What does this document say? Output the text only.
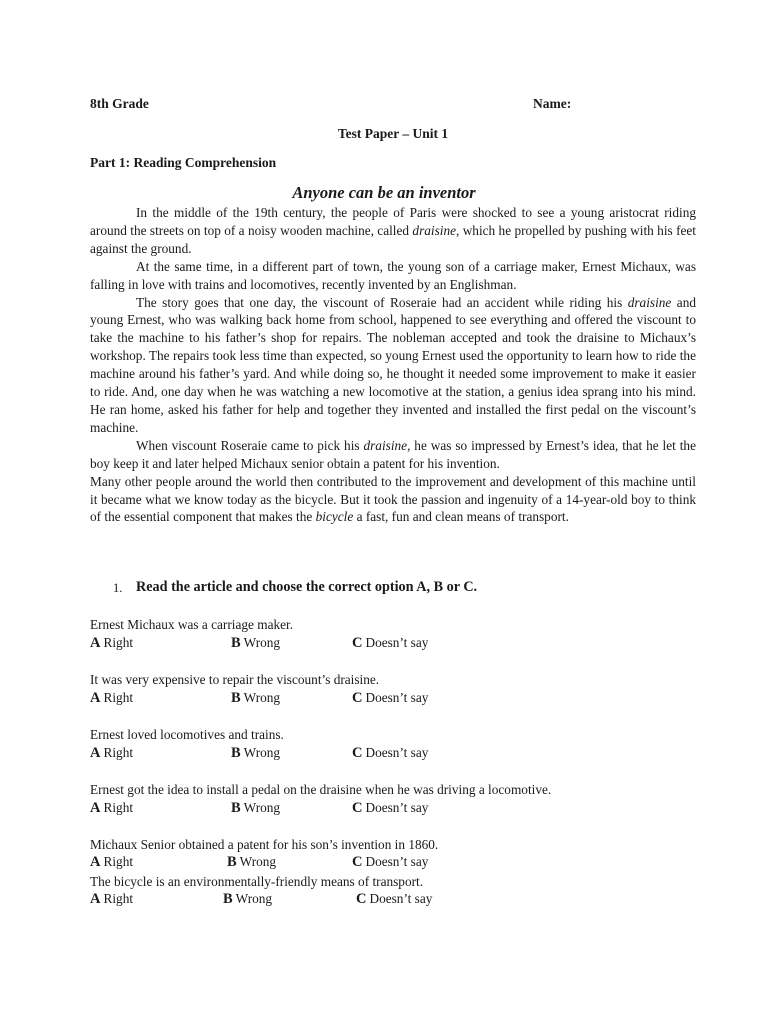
8th Grade	Name:
Test Paper – Unit 1
Part 1: Reading Comprehension
Anyone can be an inventor

In the middle of the 19th century, the people of Paris were shocked to see a young aristocrat riding around the streets on top of a noisy wooden machine, called draisine, which he propelled by pushing with his feet against the ground.

At the same time, in a different part of town, the young son of a carriage maker, Ernest Michaux, was falling in love with trains and locomotives, recently invented by an Englishman.

The story goes that one day, the viscount of Roseraie had an accident while riding his draisine and young Ernest, who was walking back home from school, happened to see everything and offered the viscount to take the machine to his father’s shop for repairs. The nobleman accepted and took the draisine to Michaux’s workshop. The repairs took less time than expected, so young Ernest used the opportunity to learn how to ride the machine around his father’s yard. And while doing so, he thought it needed some improvement to make it easier to ride. And, one day when he was watching a new locomotive at the station, a genius idea sprang into his mind. He ran home, asked his father for help and together they invented and installed the first pedal on the viscount’s machine.

When viscount Roseraie came to pick his draisine, he was so impressed by Ernest’s idea, that he let the boy keep it and later helped Michaux senior obtain a patent for his invention.

Many other people around the world then contributed to the improvement and development of this machine until it became what we know today as the bicycle. But it took the passion and ingenuity of a 14-year-old boy to think of the essential component that makes the bicycle a fast, fun and clean means of transport.

1. Read the article and choose the correct option A, B or C.
Ernest Michaux was a carriage maker.
A Right	B Wrong	C Doesn’t say
It was very expensive to repair the viscount’s draisine.
A Right	B Wrong	C Doesn’t say
Ernest loved locomotives and trains.
A Right	B Wrong	C Doesn’t say
Ernest got the idea to install a pedal on the draisine when he was driving a locomotive.
A Right	B Wrong	C Doesn’t say
Michaux Senior obtained a patent for his son’s invention in 1860.
A Right	B Wrong	C Doesn’t say
The bicycle is an environmentally-friendly means of transport.
A Right	B Wrong	C Doesn’t say
